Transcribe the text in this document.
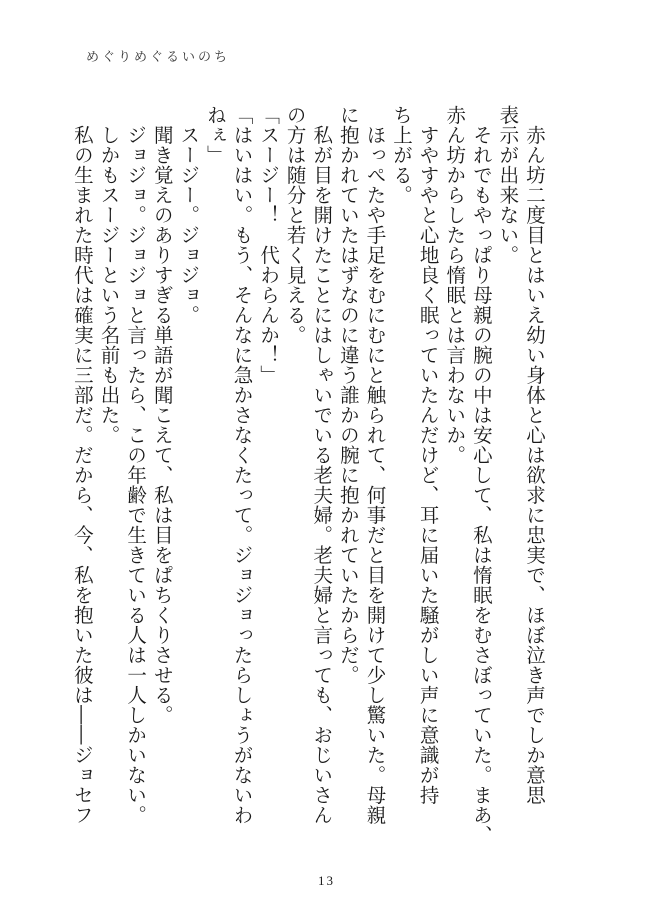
めぐりめぐるいのち

　赤ん坊二度目とはいえ幼い身体と心は欲求に忠実で、ほぼ泣き声でしか意思

表示が出来ない。

　それでもやっぱり母親の腕の中は安心して、私は惰眠をむさぼっていた。まあ、

赤ん坊からしたら惰眠とは言わないか。

　すやすやと心地良く眠っていたんだけど、耳に届いた騒がしい声に意識が持

ち上がる。

　ほっぺたや手足をむにむにと触られて、何事だと目を開けて少し驚いた。母親

に抱かれていたはずなのに違う誰かの腕に抱かれていたからだ。

　私が目を開けたことにはしゃいでいる老夫婦。老夫婦と言っても、おじいさん

の方は随分と若く見える。

「スージー！　代わらんか！」

「はいはい。もう、そんなに急かさなくたって。ジョジョったらしょうがないわ

ねぇ」

　スージー。ジョジョ。

　聞き覚えのありすぎる単語が聞こえて、私は目をぱちくりさせる。

　ジョジョ。ジョジョと言ったら、この年齢で生きている人は一人しかいない。

　しかもスージーという名前も出た。

　私の生まれた時代は確実に三部だ。だから、今、私を抱いた彼は――ジョセフ

13
